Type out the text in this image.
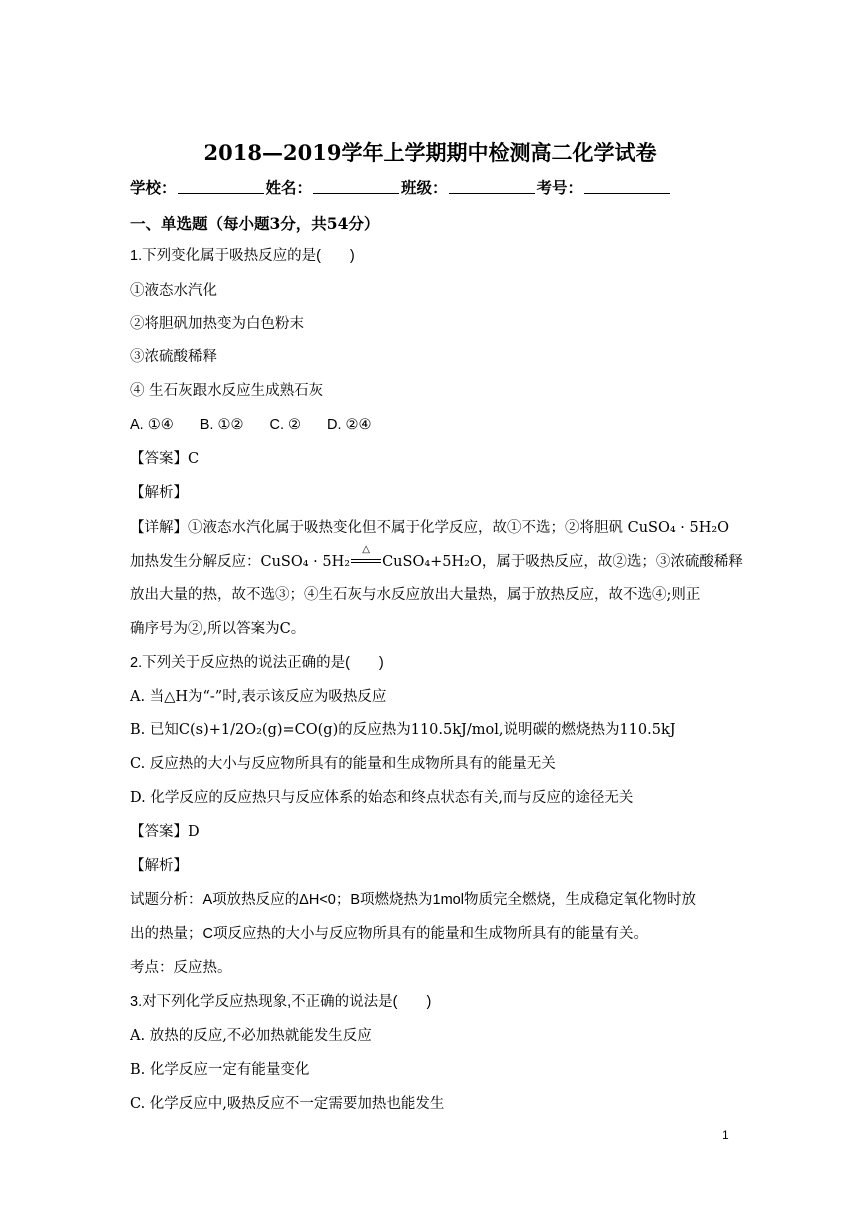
2018—2019学年上学期期中检测高二化学试卷
学校：	姓名：	班级：	考号：
一、单选题（每小题3分，共54分）
1.下列变化属于吸热反应的是(　　)
①液态水汽化
②将胆矾加热变为白色粉末
③浓硫酸稀释
④ 生石灰跟水反应生成熟石灰
A. ①④ B. ①② C. ② D. ②④
【答案】C
【解析】
【详解】①液态水汽化属于吸热变化但不属于化学反应，故①不选；②将胆矾 CuSO₄ · 5H₂O
加热发生分解反应：CuSO₄ · 5H₂
△
CuSO₄+5H₂O，属于吸热反应，故②选；③浓硫酸稀释
放出大量的热，故不选③；④生石灰与水反应放出大量热，属于放热反应，故不选④;则正
确序号为②,所以答案为C。
2.下列关于反应热的说法正确的是(　　)
A. 当△H为“-”时,表示该反应为吸热反应
B. 已知C(s)+1/2O₂(g)=CO(g)的反应热为110.5kJ/mol,说明碳的燃烧热为110.5kJ
C. 反应热的大小与反应物所具有的能量和生成物所具有的能量无关
D. 化学反应的反应热只与反应体系的始态和终点状态有关,而与反应的途径无关
【答案】D
【解析】
试题分析：A项放热反应的ΔH<0；B项燃烧热为1mol物质完全燃烧，生成稳定氧化物时放
出的热量；C项反应热的大小与反应物所具有的能量和生成物所具有的能量有关。
考点：反应热。
3.对下列化学反应热现象,不正确的说法是(　　)
A. 放热的反应,不必加热就能发生反应
B. 化学反应一定有能量变化
C. 化学反应中,吸热反应不一定需要加热也能发生
1
